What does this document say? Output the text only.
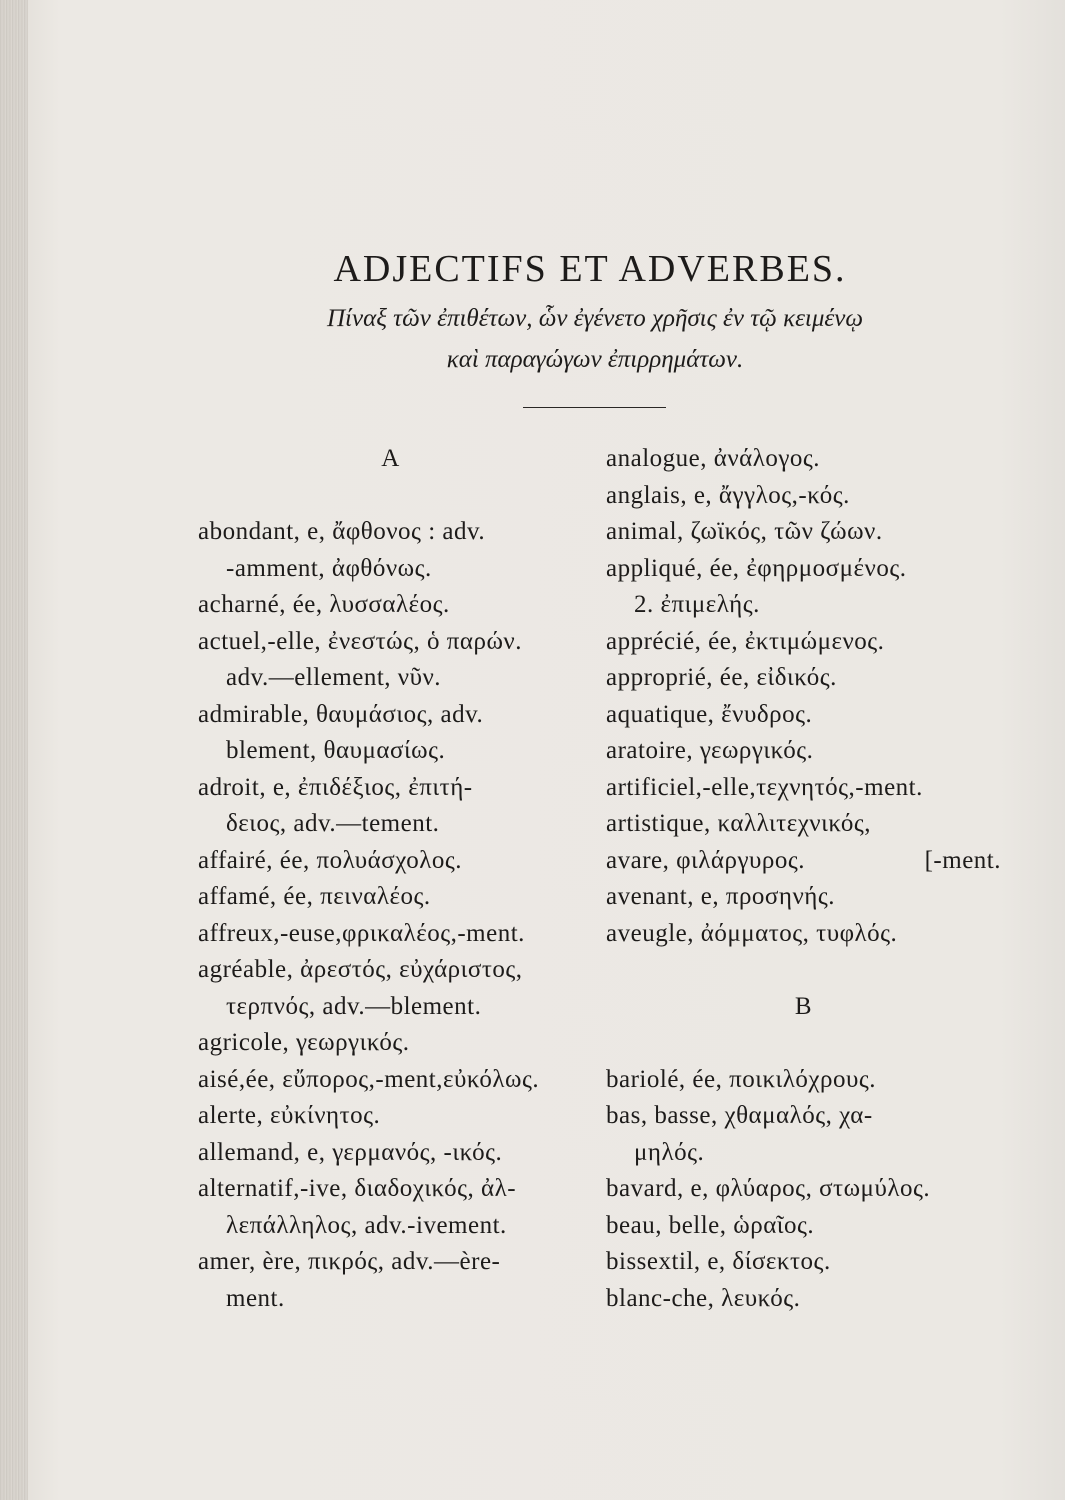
ADJECTIFS ET ADVERBES.
Πίναξ τῶν ἐπιθέτων, ὧν ἐγένετο χρῆσις ἐν τῷ κειμένῳ
καὶ παραγώγων ἐπιρρημάτων.
A
abondant, e, ἄφθονος : adv.
-amment, ἀφθόνως.
acharné, ée, λυσσαλέος.
actuel,-elle, ἐνεστώς, ὁ παρών.
adv.—ellement, νῦν.
admirable, θαυμάσιος, adv.
blement, θαυμασίως.
adroit, e, ἐπιδέξιος, ἐπιτή-
δειος, adv.—tement.
affairé, ée, πολυάσχολος.
affamé, ée, πειναλέος.
affreux,-euse,φρικαλέος,-ment.
agréable, ἀρεστός, εὐχάριστος,
τερπνός, adv.—blement.
agricole, γεωργικός.
aisé,ée, εὔπορος,-ment,εὐκόλως.
alerte, εὐκίνητος.
allemand, e, γερμανός, -ικός.
alternatif,-ive, διαδοχικός, ἀλ-
λεπάλληλος, adv.-ivement.
amer, ère, πικρός, adv.—ère-
ment.
analogue, ἀνάλογος.
anglais, e, ἄγγλος,-κός.
animal, ζωϊκός, τῶν ζώων.
appliqué, ée, ἐφηρμοσμένος.
2. ἐπιμελής.
apprécié, ée, ἐκτιμώμενος.
approprié, ée, εἰδικός.
aquatique, ἔνυδρος.
aratoire, γεωργικός.
artificiel,-elle,τεχνητός,-ment.
artistique, καλλιτεχνικός,
avare, φιλάργυρος.	[-ment.
avenant, e, προσηνής.
aveugle, ἀόμματος, τυφλός.
B
bariolé, ée, ποικιλόχρους.
bas, basse, χθαμαλός, χα-
μηλός.
bavard, e, φλύαρος, στωμύλος.
beau, belle, ὡραῖος.
bissextil, e, δίσεκτος.
blanc-che, λευκός.
